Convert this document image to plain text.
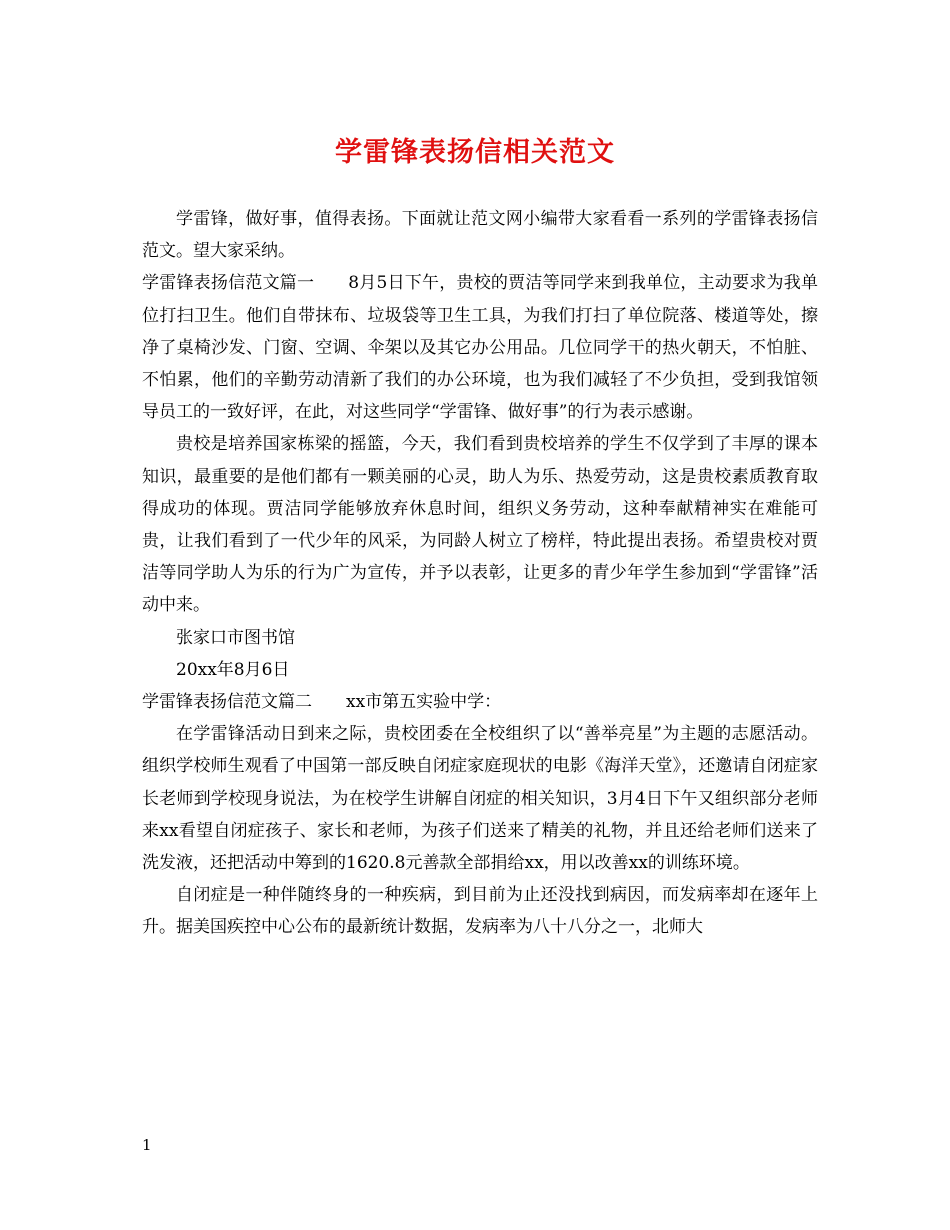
学雷锋表扬信相关范文

学雷锋，做好事，值得表扬。下面就让范文网小编带大家看看一系列的学雷锋表扬信范文。望大家采纳。

学雷锋表扬信范文篇一 8月5日下午，贵校的贾洁等同学来到我单位，主动要求为我单位打扫卫生。他们自带抹布、垃圾袋等卫生工具，为我们打扫了单位院落、楼道等处，擦净了桌椅沙发、门窗、空调、伞架以及其它办公用品。几位同学干的热火朝天，不怕脏、不怕累，他们的辛勤劳动清新了我们的办公环境，也为我们减轻了不少负担，受到我馆领导员工的一致好评，在此，对这些同学“学雷锋、做好事”的行为表示感谢。

贵校是培养国家栋梁的摇篮，今天，我们看到贵校培养的学生不仅学到了丰厚的课本知识，最重要的是他们都有一颗美丽的心灵，助人为乐、热爱劳动，这是贵校素质教育取得成功的体现。贾洁同学能够放弃休息时间，组织义务劳动，这种奉献精神实在难能可贵，让我们看到了一代少年的风采，为同龄人树立了榜样，特此提出表扬。希望贵校对贾洁等同学助人为乐的行为广为宣传，并予以表彰，让更多的青少年学生参加到“学雷锋”活动中来。

张家口市图书馆

20xx年8月6日

学雷锋表扬信范文篇二 xx市第五实验中学：

在学雷锋活动日到来之际，贵校团委在全校组织了以“善举亮星”为主题的志愿活动。组织学校师生观看了中国第一部反映自闭症家庭现状的电影《海洋天堂》，还邀请自闭症家长老师到学校现身说法，为在校学生讲解自闭症的相关知识，3月4日下午又组织部分老师来xx看望自闭症孩子、家长和老师，为孩子们送来了精美的礼物，并且还给老师们送来了洗发液，还把活动中筹到的1620.8元善款全部捐给xx，用以改善xx的训练环境。

自闭症是一种伴随终身的一种疾病，到目前为止还没找到病因，而发病率却在逐年上升。据美国疾控中心公布的最新统计数据，发病率为八十八分之一，北师大

1
